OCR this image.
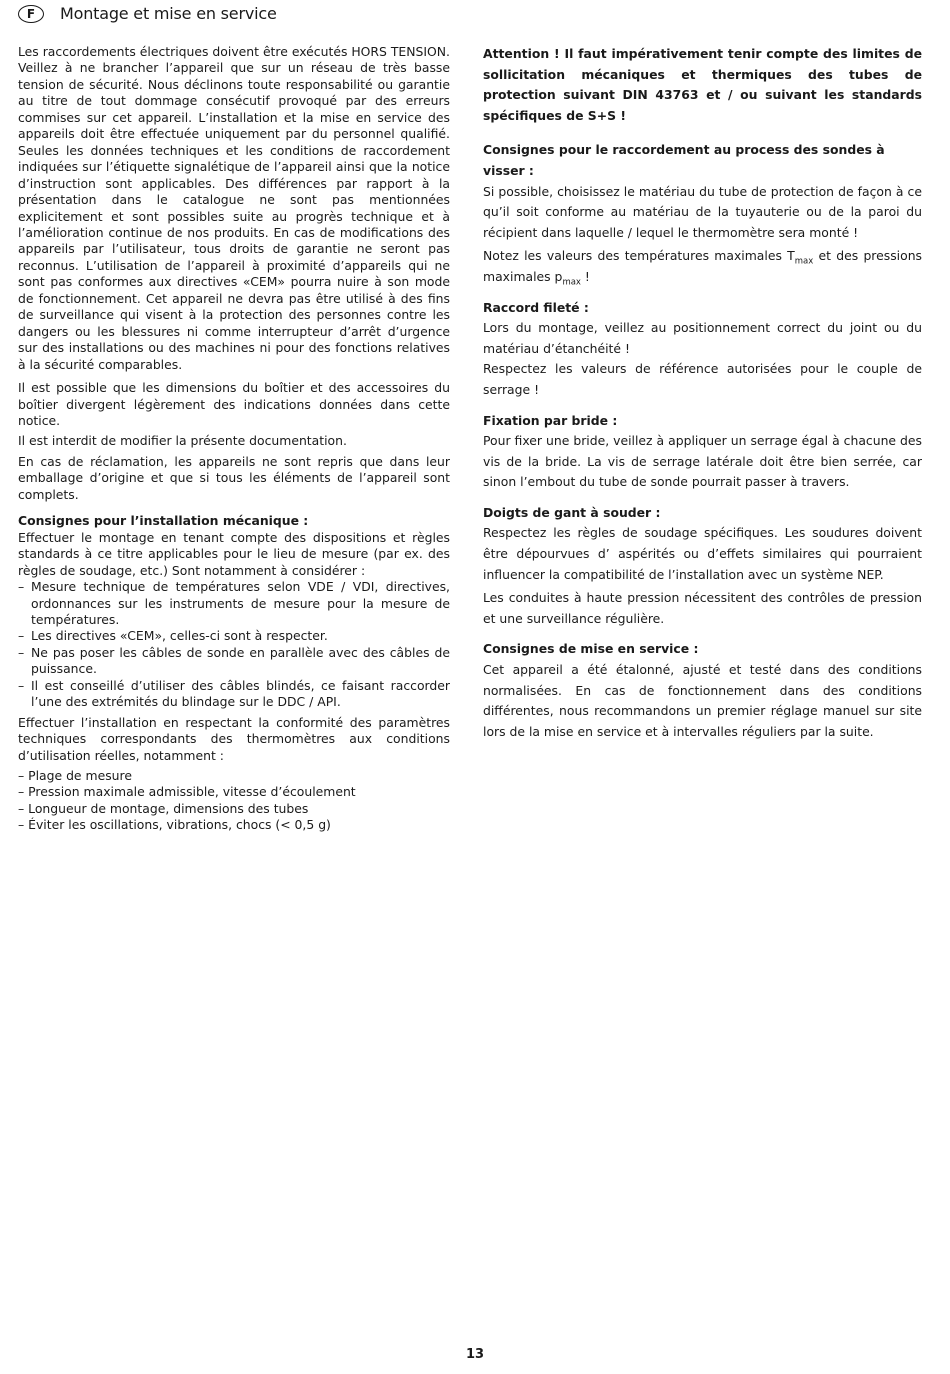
F	Montage et mise en service

Les raccordements électriques doivent être exécutés HORS TENSION. Veillez à ne brancher l’appareil que sur un réseau de très basse tension de sécurité. Nous déclinons toute responsabilité ou garantie au titre de tout dommage consécutif provoqué par des erreurs commises sur cet appareil. L’installation et la mise en service des appareils doit être effectuée uniquement par du personnel qualifié. Seules les données techniques et les conditions de raccordement indiquées sur l’étiquette signalétique de l’appareil ainsi que la notice d’instruction sont applicables. Des différences par rapport à la présentation dans le catalogue ne sont pas mentionnées explicitement et sont possibles suite au progrès technique et à l’amélioration continue de nos produits. En cas de modifications des appareils par l’utilisateur, tous droits de garantie ne seront pas reconnus. L’utilisation de l’appareil à proximité d’appareils qui ne sont pas conformes aux directives «CEM» pourra nuire à son mode de fonctionnement. Cet appareil ne devra pas être utilisé à des fins de surveillance qui visent à la protection des personnes contre les dangers ou les blessures ni comme interrupteur d’arrêt d’urgence sur des installations ou des machines ni pour des fonctions relatives à la sécurité comparables.

Il est possible que les dimensions du boîtier et des accessoires du boîtier divergent légèrement des indications données dans cette notice.

Il est interdit de modifier la présente documentation.

En cas de réclamation, les appareils ne sont repris que dans leur emballage d’origine et que si tous les éléments de l’appareil sont complets.

Consignes pour l’installation mécanique :

Effectuer le montage en tenant compte des dispositions et règles standards à ce titre applicables pour le lieu de mesure (par ex. des règles de soudage, etc.) Sont notamment à considérer :

– Mesure technique de températures selon VDE / VDI, directives, ordonnances sur les instruments de mesure pour la mesure de températures.
– Les directives «CEM», celles-ci sont à respecter.
– Ne pas poser les câbles de sonde en parallèle avec des câbles de puissance.
– Il est conseillé d’utiliser des câbles blindés, ce faisant raccorder l’une des extrémités du blindage sur le DDC / API.

Effectuer l’installation en respectant la conformité des paramètres techniques correspondants des thermomètres aux conditions d’utilisation réelles, notamment :

– Plage de mesure
– Pression maximale admissible, vitesse d’écoulement
– Longueur de montage, dimensions des tubes
– Éviter les oscillations, vibrations, chocs (< 0,5 g)

Attention ! Il faut impérativement tenir compte des limites de sollicitation mécaniques et thermiques des tubes de protection suivant DIN 43763 et / ou suivant les standards spécifiques de S+S !

Consignes pour le raccordement au process des sondes à visser :

Si possible, choisissez le matériau du tube de protection de façon à ce qu’il soit conforme au matériau de la tuyauterie ou de la paroi du récipient dans laquelle / lequel le thermomètre sera monté !

Notez les valeurs des températures maximales $T_{max}$ et des pressions maximales $p_{max}$ !

Raccord fileté :

Lors du montage, veillez au positionnement correct du joint ou du matériau d’étanchéité !

Respectez les valeurs de référence autorisées pour le couple de serrage !

Fixation par bride :

Pour fixer une bride, veillez à appliquer un serrage égal à chacune des vis de la bride. La vis de serrage latérale doit être bien serrée, car sinon l’embout du tube de sonde pourrait passer à travers.

Doigts de gant à souder :

Respectez les règles de soudage spécifiques. Les soudures doivent être dépourvues d’ aspérités ou d’effets similaires qui pourraient influencer la compatibilité de l’installation avec un système NEP.

Les conduites à haute pression nécessitent des contrôles de pression et une surveillance régulière.

Consignes de mise en service :

Cet appareil a été étalonné, ajusté et testé dans des conditions normalisées. En cas de fonctionnement dans des conditions différentes, nous recommandons un premier réglage manuel sur site lors de la mise en service et à intervalles réguliers par la suite.

13
